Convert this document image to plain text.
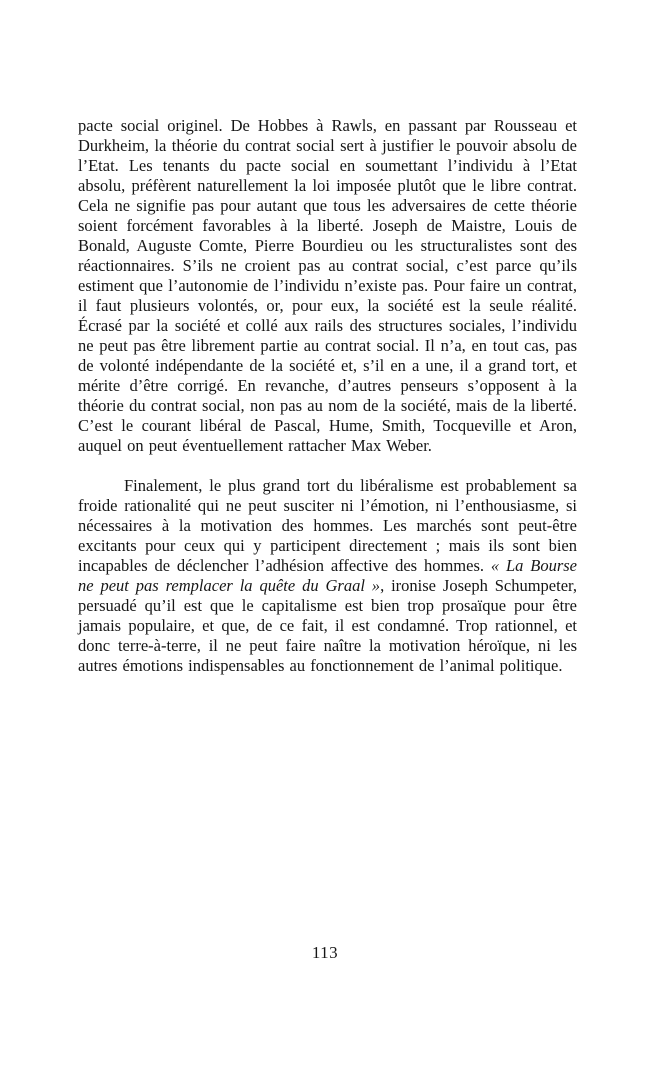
pacte social originel. De Hobbes à Rawls, en passant par Rousseau et Durkheim, la théorie du contrat social sert à justifier le pouvoir absolu de l’Etat. Les tenants du pacte social en soumettant l’individu à l’Etat absolu, préfèrent naturellement la loi imposée plutôt que le libre contrat. Cela ne signifie pas pour autant que tous les adversaires de cette théorie soient forcément favorables à la liberté. Joseph de Maistre, Louis de Bonald, Auguste Comte, Pierre Bourdieu ou les structuralistes sont des réactionnaires. S’ils ne croient pas au contrat social, c’est parce qu’ils estiment que l’autonomie de l’individu n’existe pas. Pour faire un contrat, il faut plusieurs volontés, or, pour eux, la société est la seule réalité. Écrasé par la société et collé aux rails des structures sociales, l’individu ne peut pas être librement partie au contrat social. Il n’a, en tout cas, pas de volonté indépendante de la société et, s’il en a une, il a grand tort, et mérite d’être corrigé. En revanche, d’autres penseurs s’opposent à la théorie du contrat social, non pas au nom de la société, mais de la liberté. C’est le courant libéral de Pascal, Hume, Smith, Tocqueville et Aron, auquel on peut éventuellement rattacher Max Weber.

Finalement, le plus grand tort du libéralisme est probablement sa froide rationalité qui ne peut susciter ni l’émotion, ni l’enthousiasme, si nécessaires à la motivation des hommes. Les marchés sont peut-être excitants pour ceux qui y participent directement ; mais ils sont bien incapables de déclencher l’adhésion affective des hommes. « La Bourse ne peut pas remplacer la quête du Graal », ironise Joseph Schumpeter, persuadé qu’il est que le capitalisme est bien trop prosaïque pour être jamais populaire, et que, de ce fait, il est condamné. Trop rationnel, et donc terre-à-terre, il ne peut faire naître la motivation héroïque, ni les autres émotions indispensables au fonctionnement de l’animal politique.

113
